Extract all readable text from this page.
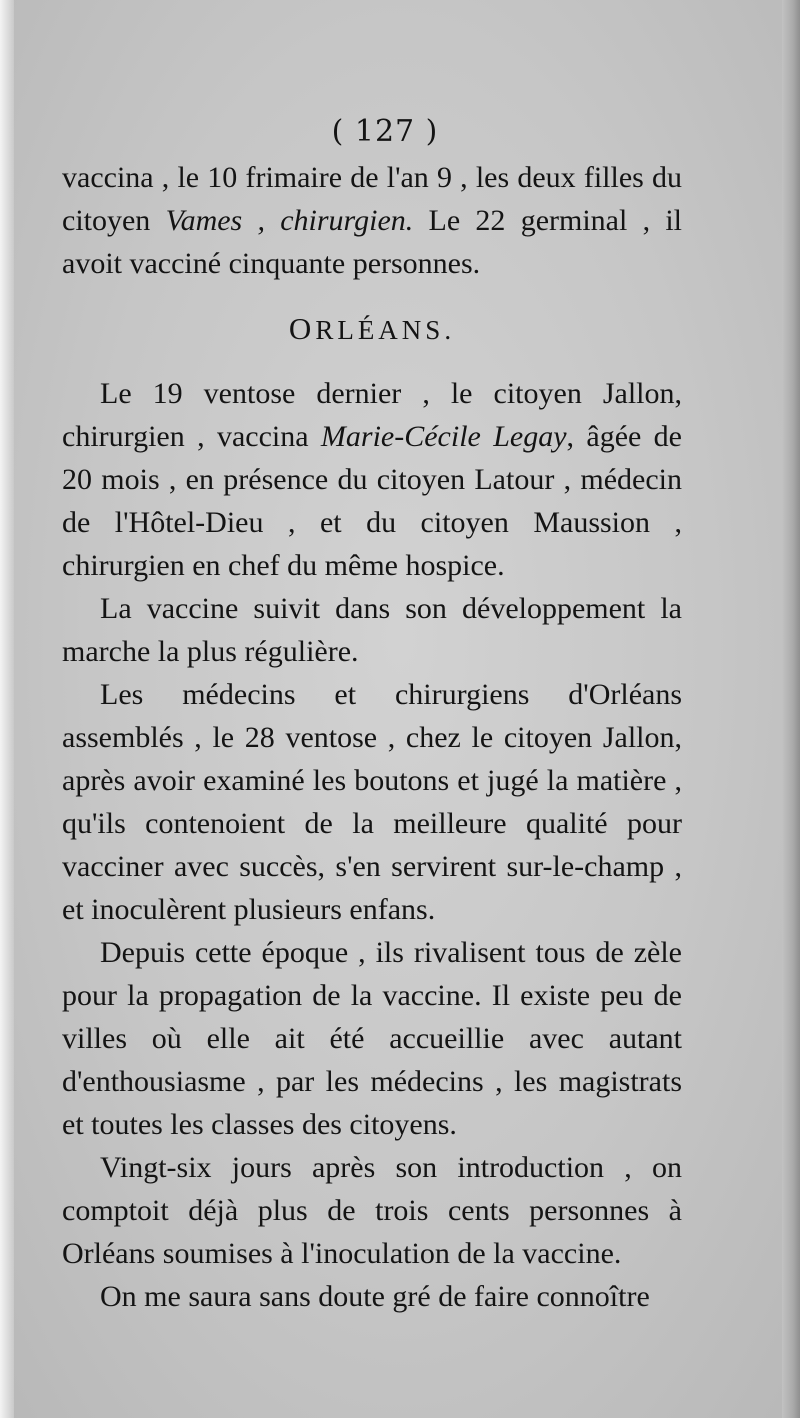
( 127 )

vaccina , le 10 frimaire de l'an 9 , les deux filles du citoyen Vames , chirurgien. Le 22 germinal , il avoit vacciné cinquante personnes.

ORLÉANS.

Le 19 ventose dernier , le citoyen Jallon, chirurgien , vaccina Marie-Cécile Legay, âgée de 20 mois , en présence du citoyen Latour , médecin de l'Hôtel-Dieu , et du citoyen Maussion , chirurgien en chef du même hospice.

La vaccine suivit dans son développement la marche la plus régulière.

Les médecins et chirurgiens d'Orléans assemblés , le 28 ventose , chez le citoyen Jallon, après avoir examiné les boutons et jugé la matière , qu'ils contenoient de la meilleure qualité pour vacciner avec succès, s'en servirent sur-le-champ , et inoculèrent plusieurs enfans.

Depuis cette époque , ils rivalisent tous de zèle pour la propagation de la vaccine. Il existe peu de villes où elle ait été accueillie avec autant d'enthousiasme , par les médecins , les magistrats et toutes les classes des citoyens.

Vingt-six jours après son introduction , on comptoit déjà plus de trois cents personnes à Orléans soumises à l'inoculation de la vaccine.

On me saura sans doute gré de faire connoître
